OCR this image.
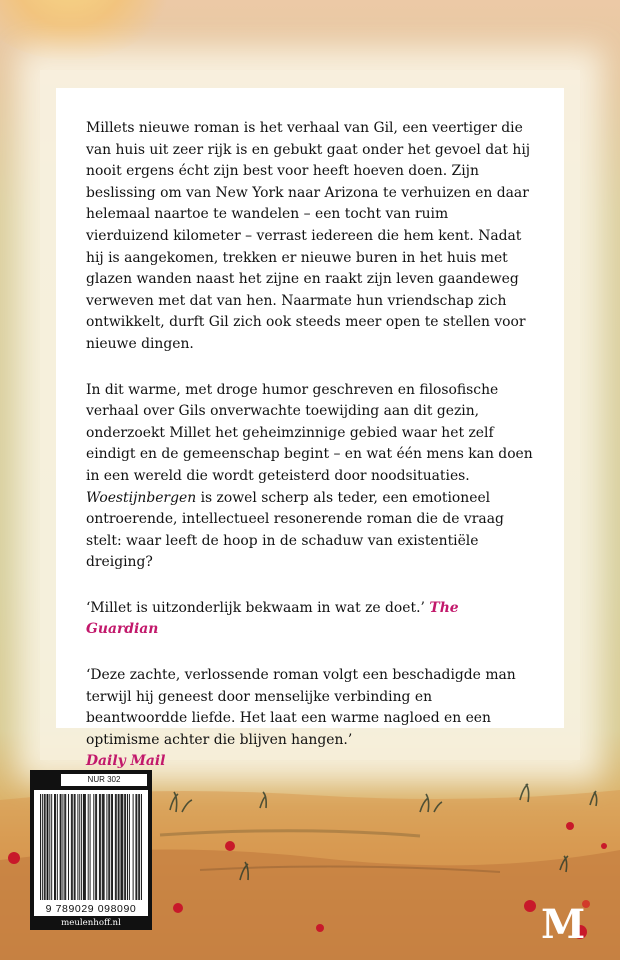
Millets nieuwe roman is het verhaal van Gil, een veertiger die van huis uit zeer rijk is en gebukt gaat onder het gevoel dat hij nooit ergens écht zijn best voor heeft hoeven doen. Zijn beslissing om van New York naar Arizona te verhuizen en daar helemaal naartoe te wandelen – een tocht van ruim vierduizend kilometer – verrast iedereen die hem kent. Nadat hij is aangekomen, trekken er nieuwe buren in het huis met glazen wanden naast het zijne en raakt zijn leven gaandeweg verweven met dat van hen. Naarmate hun vriendschap zich ontwikkelt, durft Gil zich ook steeds meer open te stellen voor nieuwe dingen.

In dit warme, met droge humor geschreven en filosofische verhaal over Gils onverwachte toewijding aan dit gezin, onderzoekt Millet het geheimzinnige gebied waar het zelf eindigt en de gemeenschap begint – en wat één mens kan doen in een wereld die wordt geteisterd door noodsituaties. Woestijnbergen is zowel scherp als teder, een emotioneel ontroerende, intellectueel resonerende roman die de vraag stelt: waar leeft de hoop in de schaduw van existentiële dreiging?

‘Millet is uitzonderlijk bekwaam in wat ze doet.’ The Guardian

‘Deze zachte, verlossende roman volgt een beschadigde man terwijl hij geneest door menselijke verbinding en beantwoordde liefde. Het laat een warme nagloed en een optimisme achter die blijven hangen.’
Daily Mail

NUR 302
9 789029 098090
meulenhoff.nl	M
